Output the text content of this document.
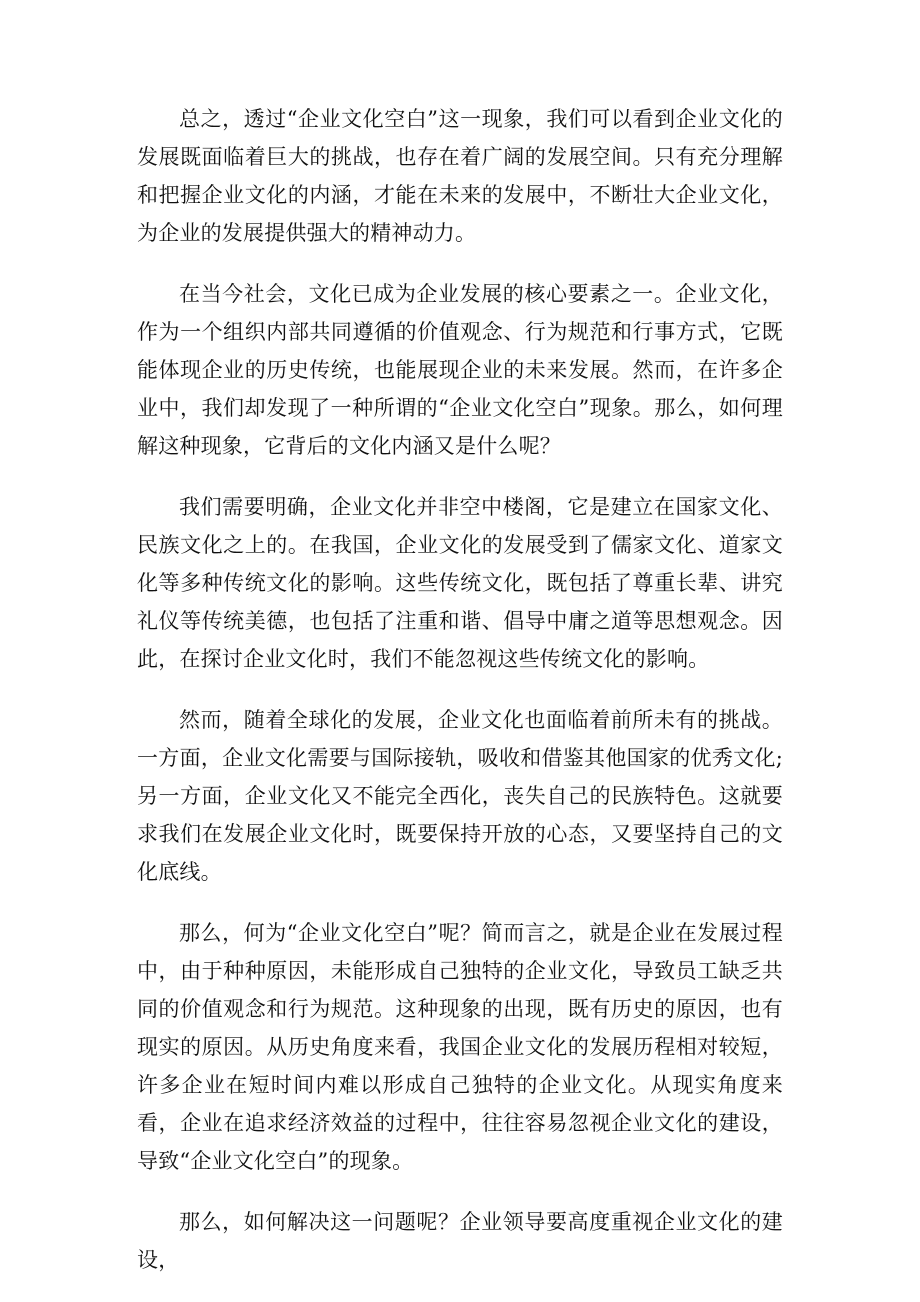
总之，透过“企业文化空白”这一现象，我们可以看到企业文化的发展既面临着巨大的挑战，也存在着广阔的发展空间。只有充分理解和把握企业文化的内涵，才能在未来的发展中，不断壮大企业文化，为企业的发展提供强大的精神动力。

在当今社会，文化已成为企业发展的核心要素之一。企业文化，作为一个组织内部共同遵循的价值观念、行为规范和行事方式，它既能体现企业的历史传统，也能展现企业的未来发展。然而，在许多企业中，我们却发现了一种所谓的“企业文化空白”现象。那么，如何理解这种现象，它背后的文化内涵又是什么呢？

我们需要明确，企业文化并非空中楼阁，它是建立在国家文化、民族文化之上的。在我国，企业文化的发展受到了儒家文化、道家文化等多种传统文化的影响。这些传统文化，既包括了尊重长辈、讲究礼仪等传统美德，也包括了注重和谐、倡导中庸之道等思想观念。因此，在探讨企业文化时，我们不能忽视这些传统文化的影响。

然而，随着全球化的发展，企业文化也面临着前所未有的挑战。一方面，企业文化需要与国际接轨，吸收和借鉴其他国家的优秀文化;另一方面，企业文化又不能完全西化，丧失自己的民族特色。这就要求我们在发展企业文化时，既要保持开放的心态，又要坚持自己的文化底线。

那么，何为“企业文化空白”呢？简而言之，就是企业在发展过程中，由于种种原因，未能形成自己独特的企业文化，导致员工缺乏共同的价值观念和行为规范。这种现象的出现，既有历史的原因，也有现实的原因。从历史角度来看，我国企业文化的发展历程相对较短，许多企业在短时间内难以形成自己独特的企业文化。从现实角度来看，企业在追求经济效益的过程中，往往容易忽视企业文化的建设，导致“企业文化空白”的现象。

那么，如何解决这一问题呢？企业领导要高度重视企业文化的建设，
